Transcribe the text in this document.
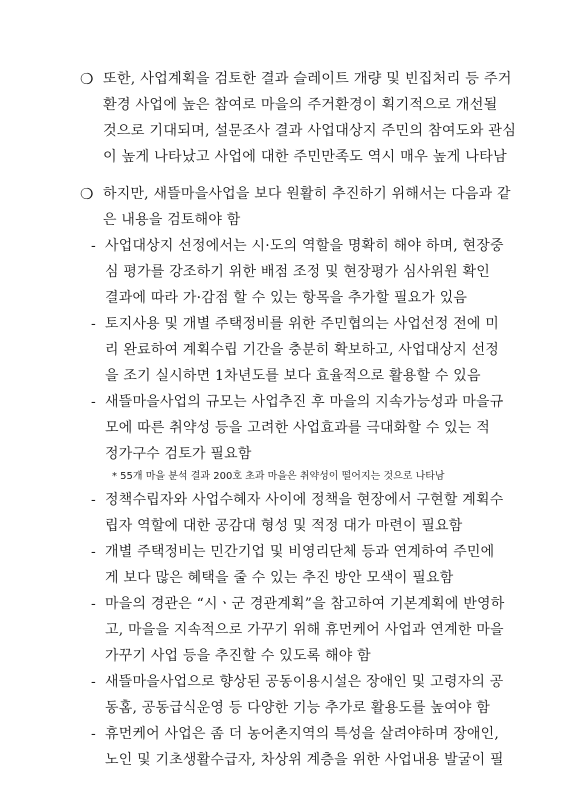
❍ 또한, 사업계획을 검토한 결과 슬레이트 개량 및 빈집처리 등 주거
환경 사업에 높은 참여로 마을의 주거환경이 획기적으로 개선될
것으로 기대되며, 설문조사 결과 사업대상지 주민의 참여도와 관심
이 높게 나타났고 사업에 대한 주민만족도 역시 매우 높게 나타남
❍ 하지만, 새뜰마을사업을 보다 원활히 추진하기 위해서는 다음과 같
은 내용을 검토해야 함
- 사업대상지 선정에서는 시·도의 역할을 명확히 해야 하며, 현장중
심 평가를 강조하기 위한 배점 조정 및 현장평가 심사위원 확인
결과에 따라 가·감점 할 수 있는 항목을 추가할 필요가 있음
- 토지사용 및 개별 주택정비를 위한 주민협의는 사업선정 전에 미
리 완료하여 계획수립 기간을 충분히 확보하고, 사업대상지 선정
을 조기 실시하면 1차년도를 보다 효율적으로 활용할 수 있음
- 새뜰마을사업의 규모는 사업추진 후 마을의 지속가능성과 마을규
모에 따른 취약성 등을 고려한 사업효과를 극대화할 수 있는 적
정가구수 검토가 필요함
* 55개 마을 분석 결과 200호 초과 마을은 취약성이 떨어지는 것으로 나타남
- 정책수립자와 사업수혜자 사이에 정책을 현장에서 구현할 계획수
립자 역할에 대한 공감대 형성 및 적정 대가 마련이 필요함
- 개별 주택정비는 민간기업 및 비영리단체 등과 연계하여 주민에
게 보다 많은 혜택을 줄 수 있는 추진 방안 모색이 필요함
- 마을의 경관은 “시ㆍ군 경관계획”을 참고하여 기본계획에 반영하
고, 마을을 지속적으로 가꾸기 위해 휴먼케어 사업과 연계한 마을
가꾸기 사업 등을 추진할 수 있도록 해야 함
- 새뜰마을사업으로 향상된 공동이용시설은 장애인 및 고령자의 공
동홈, 공동급식운영 등 다양한 기능 추가로 활용도를 높여야 함
- 휴먼케어 사업은 좀 더 농어촌지역의 특성을 살려야하며 장애인,
노인 및 기초생활수급자, 차상위 계층을 위한 사업내용 발굴이 필
